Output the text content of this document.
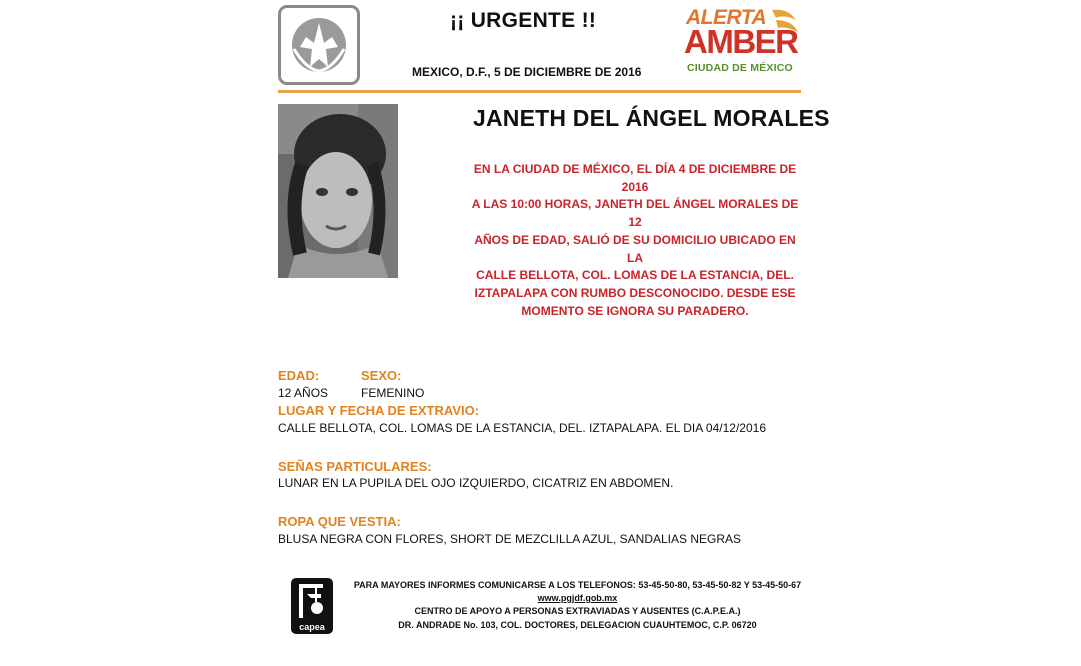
¡¡ URGENTE !!
MEXICO, D.F., 5 DE DICIEMBRE DE 2016
ALERTA
AMBER
CIUDAD DE MÉXICO
JANETH DEL ÁNGEL MORALES
EN LA CIUDAD DE MÉXICO, EL DÍA 4 DE DICIEMBRE DE 2016
A LAS 10:00 HORAS, JANETH DEL ÁNGEL MORALES DE 12
AÑOS DE EDAD, SALIÓ DE SU DOMICILIO UBICADO EN LA
CALLE BELLOTA, COL. LOMAS DE LA ESTANCIA, DEL.
IZTAPALAPA CON RUMBO DESCONOCIDO. DESDE ESE
MOMENTO SE IGNORA SU PARADERO.
EDAD:
12 AÑOS
SEXO:
FEMENINO
LUGAR Y FECHA DE EXTRAVIO:
CALLE BELLOTA, COL. LOMAS DE LA ESTANCIA, DEL. IZTAPALAPA. EL DIA 04/12/2016
SEÑAS PARTICULARES:
LUNAR EN LA PUPILA DEL OJO IZQUIERDO, CICATRIZ EN ABDOMEN.
ROPA QUE VESTIA:
BLUSA NEGRA CON FLORES, SHORT DE MEZCLILLA AZUL, SANDALIAS NEGRAS
capea
PARA MAYORES INFORMES COMUNICARSE A LOS TELEFONOS: 53-45-50-80, 53-45-50-82 Y 53-45-50-67
www.pgjdf.gob.mx
CENTRO DE APOYO A PERSONAS EXTRAVIADAS Y AUSENTES (C.A.P.E.A.)
DR. ANDRADE No. 103, COL. DOCTORES, DELEGACION CUAUHTEMOC, C.P. 06720
